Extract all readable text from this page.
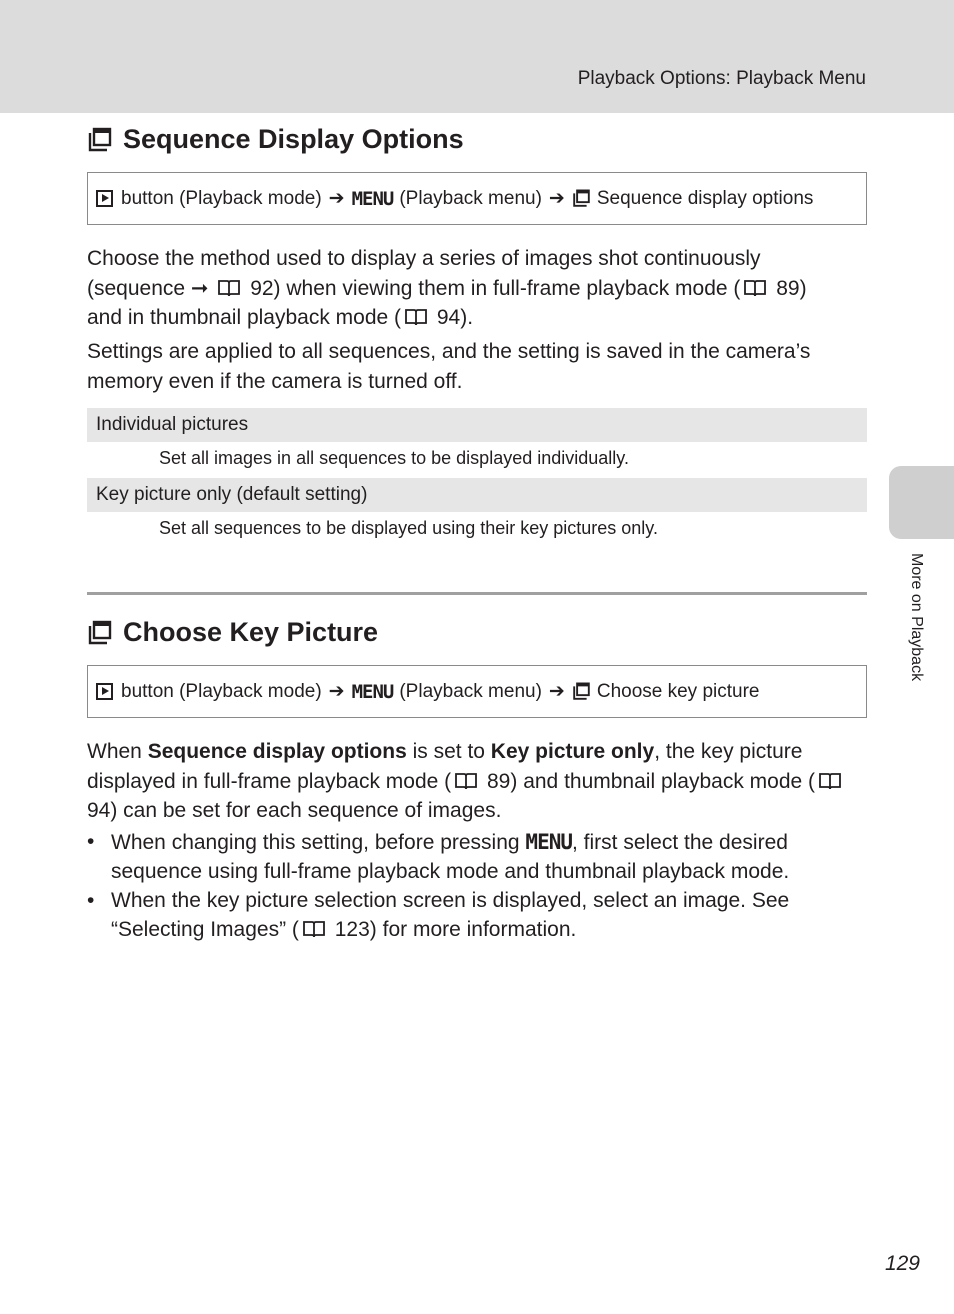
Playback Options: Playback Menu
More on Playback
Sequence Display Options
button (Playback mode) ➔ MENU (Playback menu) ➔ Sequence display options

Choose the method used to display a series of images shot continuously (sequence ➞  92) when viewing them in full-frame playback mode ( 89) and in thumbnail playback mode ( 94).

Settings are applied to all sequences, and the setting is saved in the camera’s memory even if the camera is turned off.

Individual pictures
Set all images in all sequences to be displayed individually.
Key picture only (default setting)
Set all sequences to be displayed using their key pictures only.
Choose Key Picture
button (Playback mode) ➔ MENU (Playback menu) ➔ Choose key picture

When Sequence display options is set to Key picture only, the key picture displayed in full-frame playback mode ( 89) and thumbnail playback mode ( 94) can be set for each sequence of images.

• When changing this setting, before pressing MENU, first select the desired sequence using full-frame playback mode and thumbnail playback mode.
• When the key picture selection screen is displayed, select an image. See “Selecting Images” ( 123) for more information.
129
